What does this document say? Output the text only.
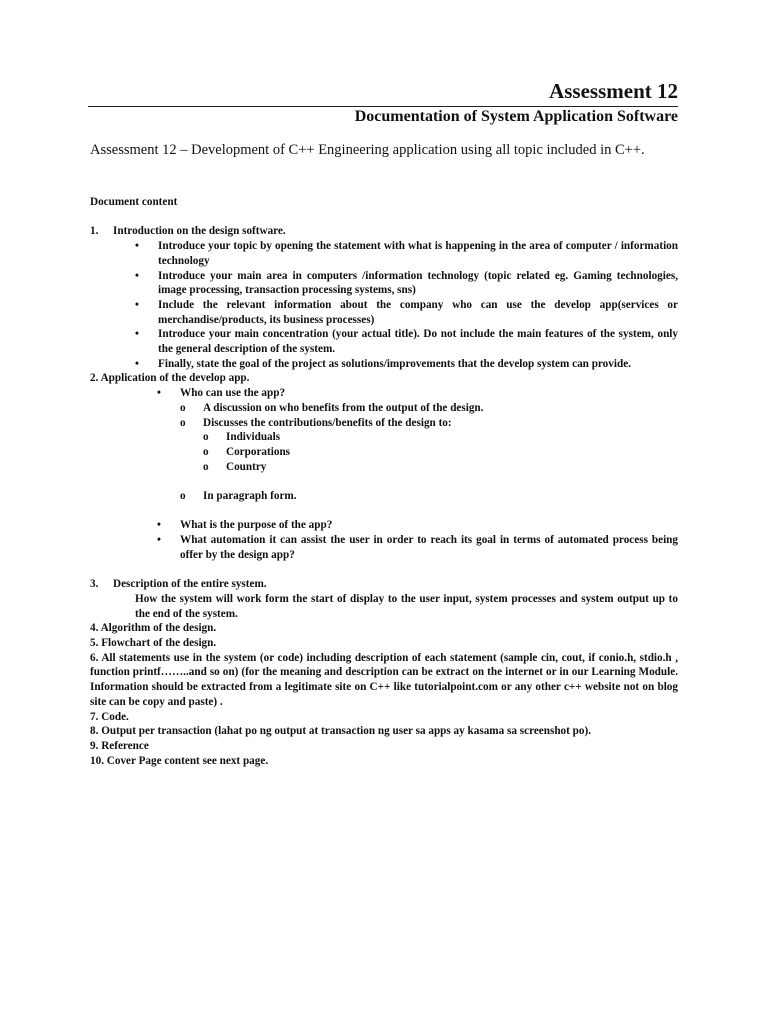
Assessment 12
Documentation of System Application Software

Assessment 12 – Development of C++ Engineering application using all topic included in C++.

Document content

1.	Introduction on the design software.
• Introduce your topic by opening the statement with what is happening in the area of computer / information technology
• Introduce your main area in computers /information technology (topic related eg. Gaming technologies, image processing, transaction processing systems, sns)
• Include the relevant information about the company who can use the develop app(services or merchandise/products, its business processes)
• Introduce your main concentration (your actual title). Do not include the main features of the system, only the general description of the system.
• Finally, state the goal of the project as solutions/improvements that the develop system can provide.

2. Application of the develop app.

• Who can use the app?
o A discussion on who benefits from the output of the design.
o Discusses the contributions/benefits of the design to:
o Individuals
o Corporations
o Country
o In paragraph form.
• What is the purpose of the app?
• What automation it can assist the user in order to reach its goal in terms of automated process being offer by the design app?
3.	Description of the entire system.

How the system will work form the start of display to the user input, system processes and system output up to the end of the system.

4. Algorithm of the design.

5. Flowchart of the design.

6. All statements use in the system (or code) including description of each statement (sample cin, cout, if conio.h, stdio.h , function printf……..and so on) (for the meaning and description can be extract on the internet or in our Learning Module. Information should be extracted from a legitimate site on C++ like tutorialpoint.com or any other c++ website not on blog site can be copy and paste) .

7. Code.

8. Output per transaction (lahat po ng output at transaction ng user sa apps ay kasama sa screenshot po).

9. Reference

10. Cover Page content see next page.
